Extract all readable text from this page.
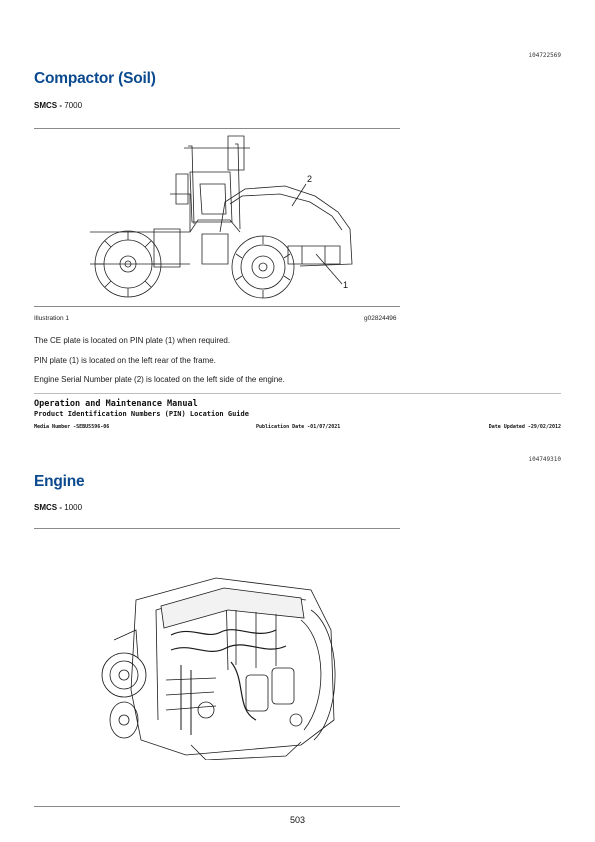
i04722569
Compactor (Soil)
SMCS - 7000
2
1
Illustration 1	g02824496
The CE plate is located on PIN plate (1) when required.
PIN plate (1) is located on the left rear of the frame.
Engine Serial Number plate (2) is located on the left side of the engine.
Operation and Maintenance Manual
Product Identification Numbers (PIN) Location Guide
Media Number -SEBU5596-06	Publication Date -01/07/2021	Date Updated -29/02/2012
i04749310
Engine
SMCS - 1000
503
